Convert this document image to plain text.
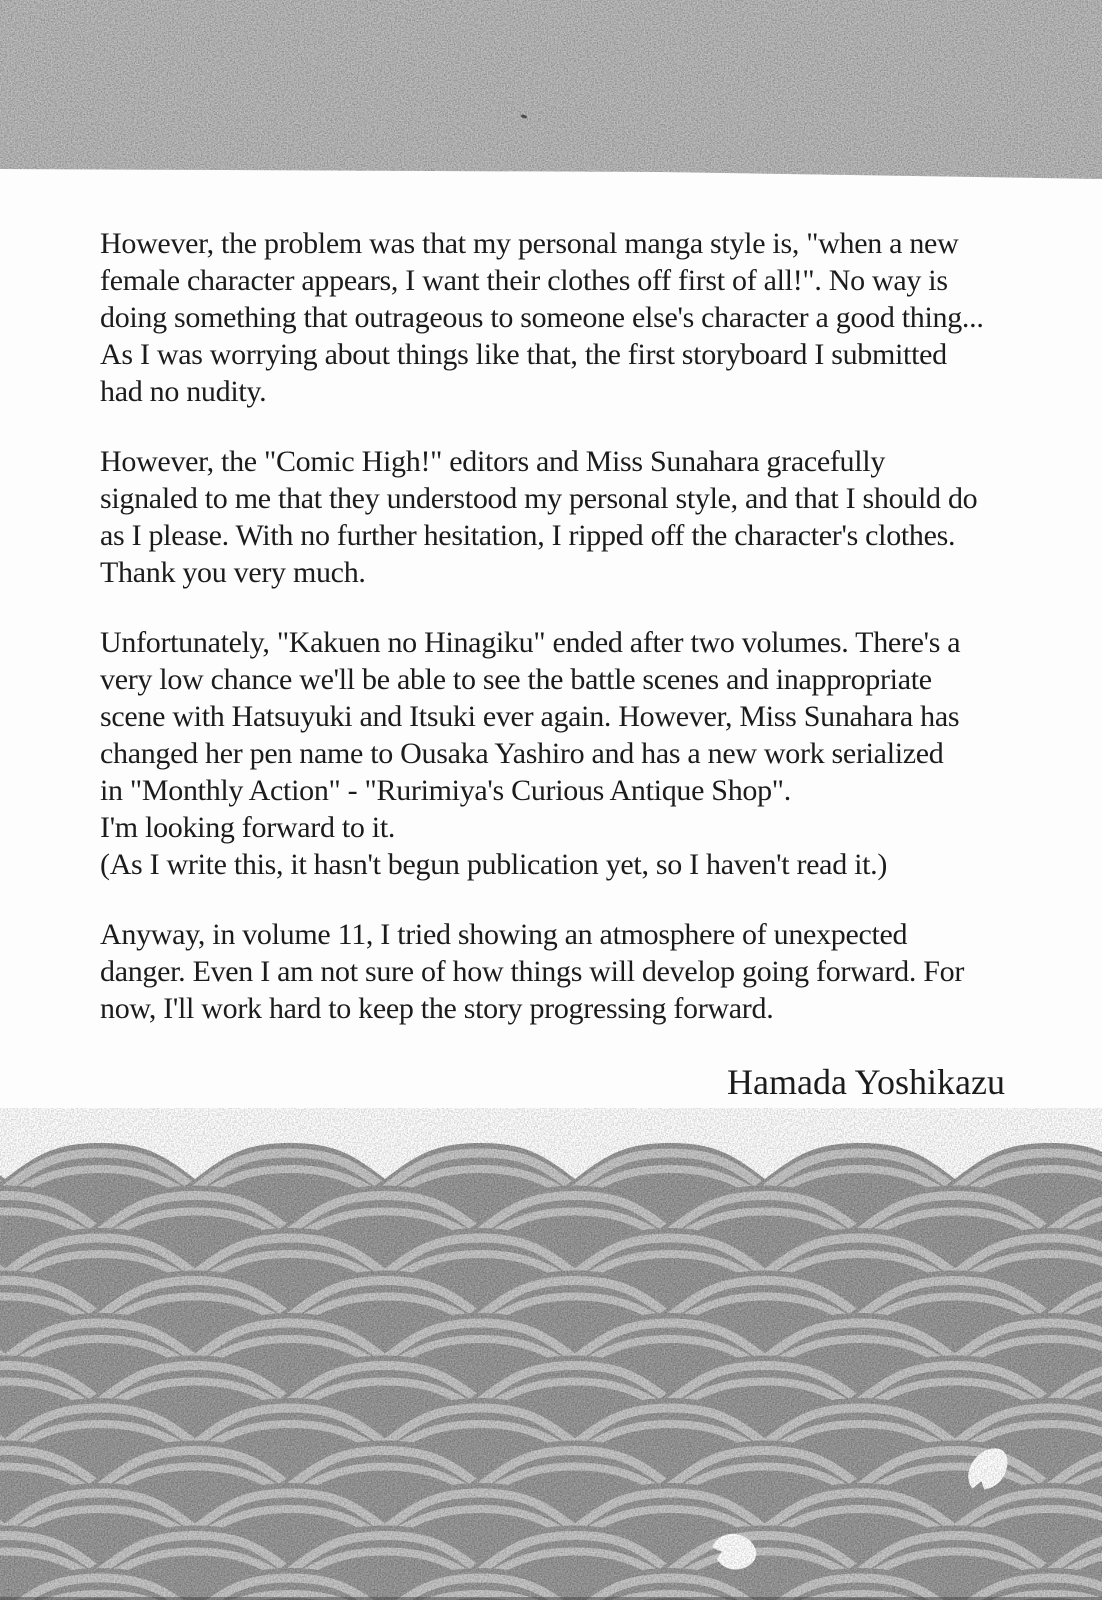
However, the problem was that my personal manga style is, "when a new
female character appears, I want their clothes off first of all!". No way is
doing something that outrageous to someone else's character a good thing...
As I was worrying about things like that, the first storyboard I submitted
had no nudity.

However, the "Comic High!" editors and Miss Sunahara gracefully
signaled to me that they understood my personal style, and that I should do
as I please. With no further hesitation, I ripped off the character's clothes.
Thank you very much.

Unfortunately, "Kakuen no Hinagiku" ended after two volumes. There's a
very low chance we'll be able to see the battle scenes and inappropriate
scene with Hatsuyuki and Itsuki ever again. However, Miss Sunahara has
changed her pen name to Ousaka Yashiro and has a new work serialized
in "Monthly Action" - "Rurimiya's Curious Antique Shop".
I'm looking forward to it.
(As I write this, it hasn't begun publication yet, so I haven't read it.)

Anyway, in volume 11, I tried showing an atmosphere of unexpected
danger. Even I am not sure of how things will develop going forward. For
now, I'll work hard to keep the story progressing forward.

Hamada Yoshikazu
